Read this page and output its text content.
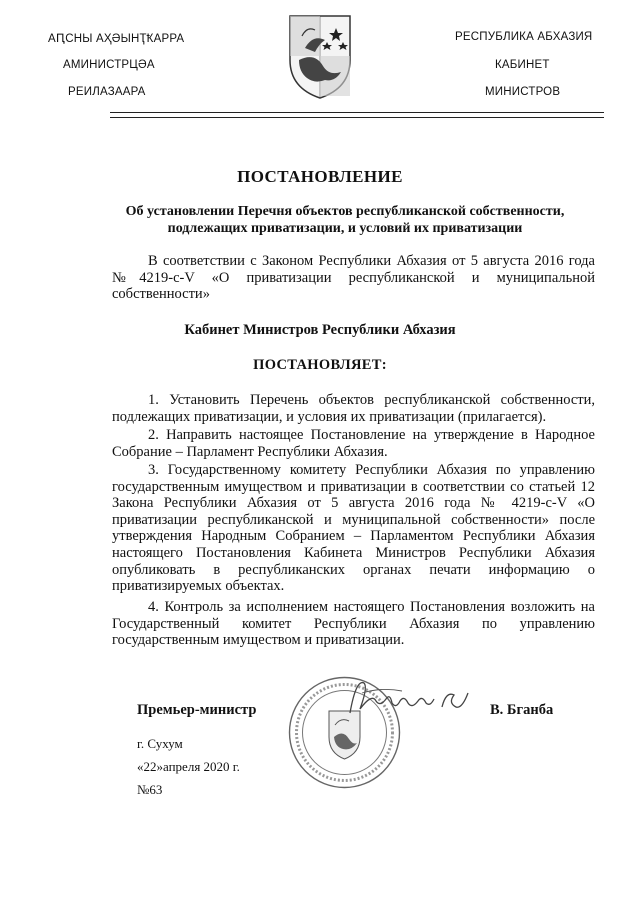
АԤСНЫ АҲӘЫНҬҞАРРА
АМИНИСТРЦӘА
РЕИЛАЗААРА
РЕСПУБЛИКА АБХАЗИЯ
КАБИНЕТ
МИНИСТРОВ
ПОСТАНОВЛЕНИЕ
Об установлении Перечня объектов республиканской собственности, подлежащих приватизации, и условий их приватизации

В соответствии с Законом Республики Абхазия от 5 августа 2016 года №4219-с-V «О приватизации республиканской и муниципальной собственности»

Кабинет Министров Республики Абхазия
ПОСТАНОВЛЯЕТ:

1. Установить Перечень объектов республиканской собственности, подлежащих приватизации, и условия их приватизации (прилагается).

2. Направить настоящее Постановление на утверждение в Народное Собрание – Парламент Республики Абхазия.

3. Государственному комитету Республики Абхазия по управлению государственным имуществом и приватизации в соответствии со статьей 12 Закона Республики Абхазия от 5 августа 2016 года № 4219-с-V «О приватизации республиканской и муниципальной собственности» после утверждения Народным Собранием – Парламентом Республики Абхазия настоящего Постановления Кабинета Министров Республики Абхазия опубликовать в республиканских органах печати информацию о приватизируемых объектах.

4. Контроль за исполнением настоящего Постановления возложить на Государственный комитет Республики Абхазия по управлению государственным имуществом и приватизации.

Премьер-министр	В. Бганба
г. Сухум
«22»апреля 2020 г.
№63
